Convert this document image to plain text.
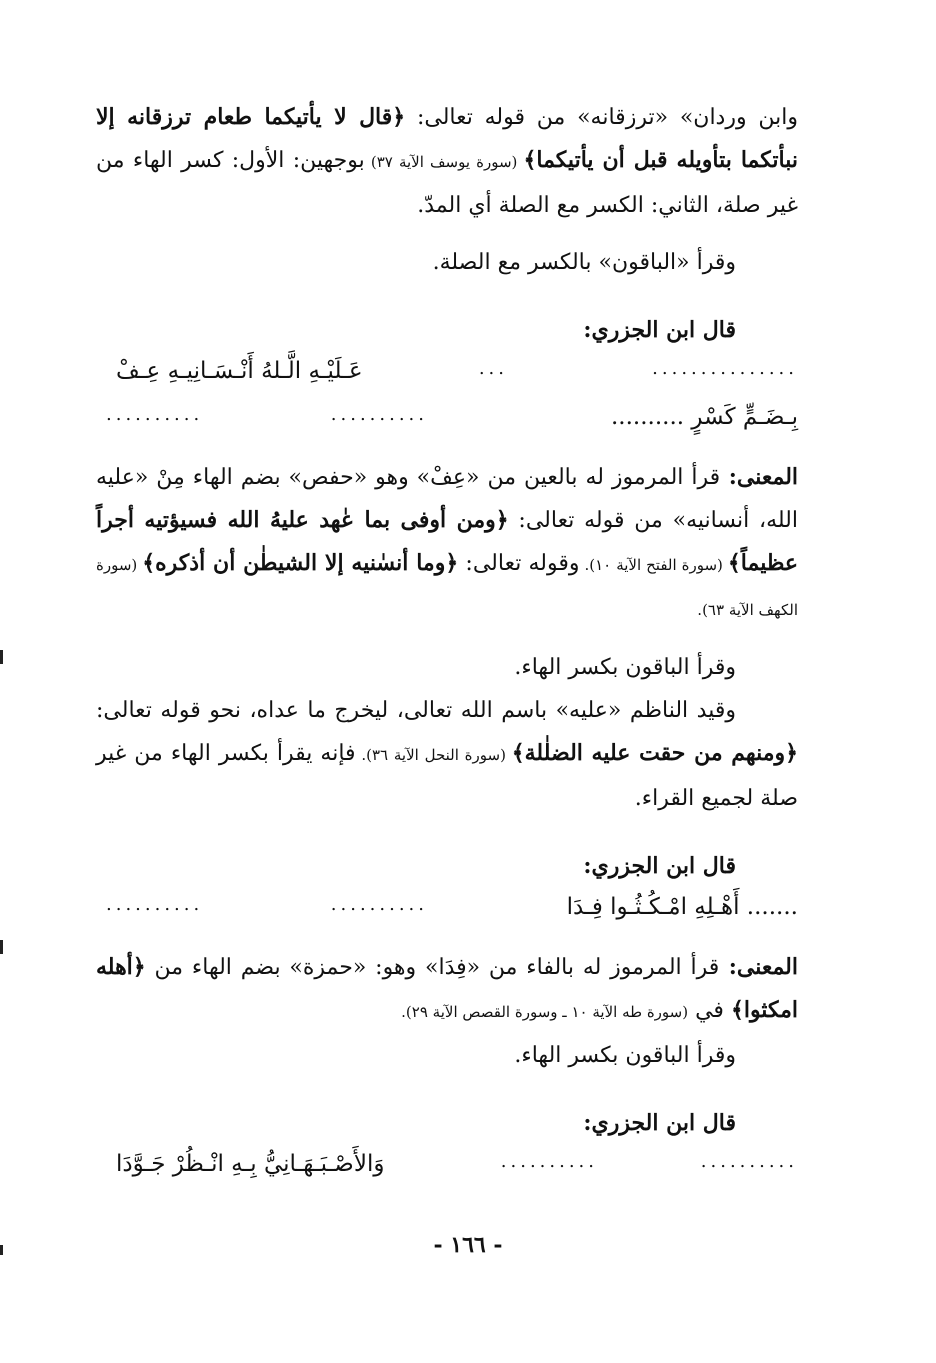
وابن وردان» «ترزقانه» من قوله تعالى: ﴿قال لا يأتيكما طعام ترزقانه إلا نبأتكما بتأويله قبل أن يأتيكما﴾ (سورة يوسف الآية ٣٧) بوجهين: الأول: كسر الهاء من غير صلة، الثاني: الكسر مع الصلة أي المدّ.

وقرأ «الباقون» بالكسر مع الصلة.

قال ابن الجزري:

...............
...
عَـلَيْـهِ الَّـلهُ أَنْـسَـانِيـهِ عِـفْ
بِـضَـمٍّ كَسْرٍ ..........
..........
..........

المعنى: قرأ المرموز له بالعين من «عِفْ» وهو «حفص» بضم الهاء مِنْ «عليه الله، أنسانيه» من قوله تعالى: ﴿ومن أوفى بما عٰهد عليهُ الله فسيؤتيه أجراً عظيماً﴾ (سورة الفتح الآية ١٠). وقوله تعالى: ﴿وما أنسٰنيه إلا الشيطٰن أن أذكره﴾ (سورة الكهف الآية ٦٣).

وقرأ الباقون بكسر الهاء.

وقيد الناظم «عليه» باسم الله تعالى، ليخرج ما عداه، نحو قوله تعالى: ﴿ومنهم من حقت عليه الضلٰلة﴾ (سورة النحل الآية ٣٦). فإنه يقرأ بكسر الهاء من غير صلة لجميع القراء.

قال ابن الجزري:

....... أَهْـلِهِ امْـكُـثُـوا فِـدَا
..........
..........

المعنى: قرأ المرموز له بالفاء من «فِدَا» وهو: «حمزة» بضم الهاء من ﴿أهله امكثوا﴾ في (سورة طه الآية ١٠ ـ وسورة القصص الآية ٢٩).

وقرأ الباقون بكسر الهاء.

قال ابن الجزري:

..........
..........
وَالأَصْـبَـهَـانِيُّ بِـهِ انْـظُرْ جَـوَّدَا
- ١٦٦ -
